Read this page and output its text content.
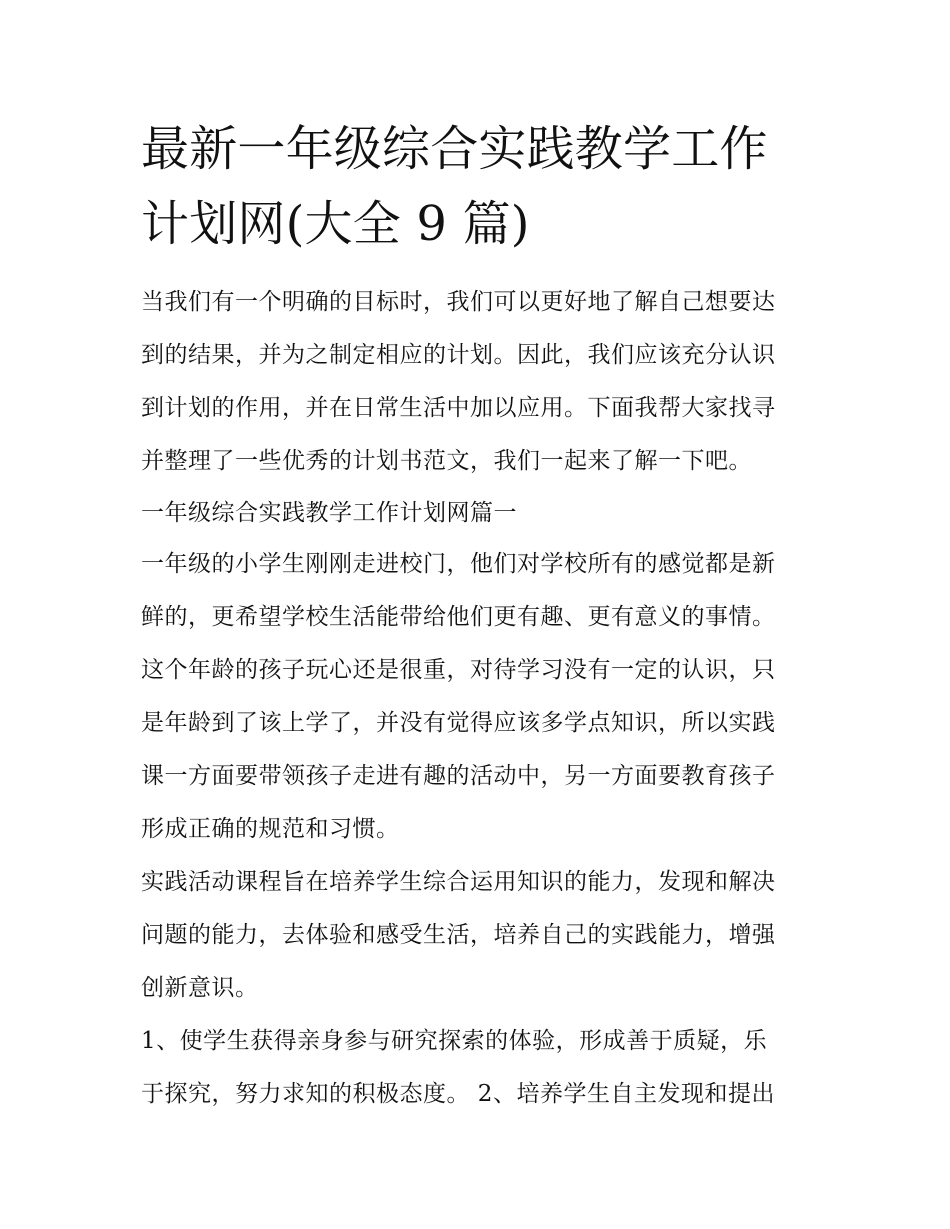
最新一年级综合实践教学工作
计划网(大全 9 篇)

当我们有一个明确的目标时，我们可以更好地了解自己想要达
到的结果，并为之制定相应的计划。因此，我们应该充分认识
到计划的作用，并在日常生活中加以应用。下面我帮大家找寻
并整理了一些优秀的计划书范文，我们一起来了解一下吧。

一年级综合实践教学工作计划网篇一

一年级的小学生刚刚走进校门，他们对学校所有的感觉都是新
鲜的，更希望学校生活能带给他们更有趣、更有意义的事情。
这个年龄的孩子玩心还是很重，对待学习没有一定的认识，只
是年龄到了该上学了，并没有觉得应该多学点知识，所以实践
课一方面要带领孩子走进有趣的活动中，另一方面要教育孩子
形成正确的规范和习惯。

实践活动课程旨在培养学生综合运用知识的能力，发现和解决
问题的能力，去体验和感受生活，培养自己的实践能力，增强
创新意识。

1、使学生获得亲身参与研究探索的体验，形成善于质疑，乐
于探究，努力求知的积极态度。 2、培养学生自主发现和提出
